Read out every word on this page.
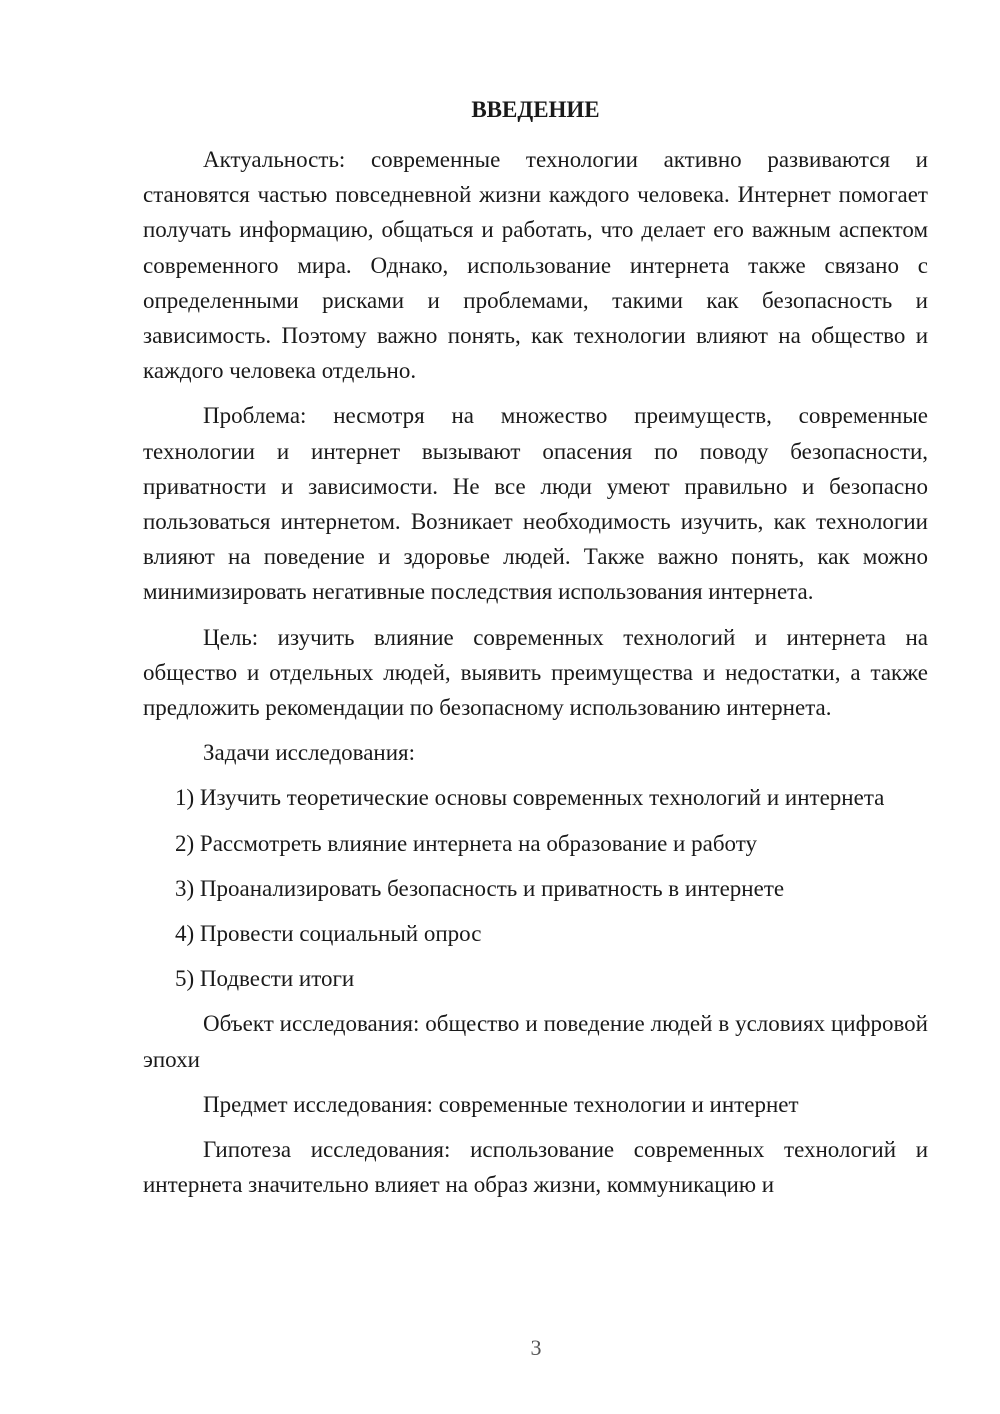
ВВЕДЕНИЕ

Актуальность: современные технологии активно развиваются и становятся частью повседневной жизни каждого человека. Интернет помогает получать информацию, общаться и работать, что делает его важным аспектом современного мира. Однако, использование интернета также связано с определенными рисками и проблемами, такими как безопасность и зависимость. Поэтому важно понять, как технологии влияют на общество и каждого человека отдельно.

Проблема: несмотря на множество преимуществ, современные технологии и интернет вызывают опасения по поводу безопасности, приватности и зависимости. Не все люди умеют правильно и безопасно пользоваться интернетом. Возникает необходимость изучить, как технологии влияют на поведение и здоровье людей. Также важно понять, как можно минимизировать негативные последствия использования интернета.

Цель: изучить влияние современных технологий и интернета на общество и отдельных людей, выявить преимущества и недостатки, а также предложить рекомендации по безопасному использованию интернета.

Задачи исследования:

1) Изучить теоретические основы современных технологий и интернета

2) Рассмотреть влияние интернета на образование и работу

3) Проанализировать безопасность и приватность в интернете

4) Провести социальный опрос

5) Подвести итоги

Объект исследования: общество и поведение людей в условиях цифровой эпохи

Предмет исследования: современные технологии и интернет

Гипотеза исследования: использование современных технологий и интернета значительно влияет на образ жизни, коммуникацию и

3
